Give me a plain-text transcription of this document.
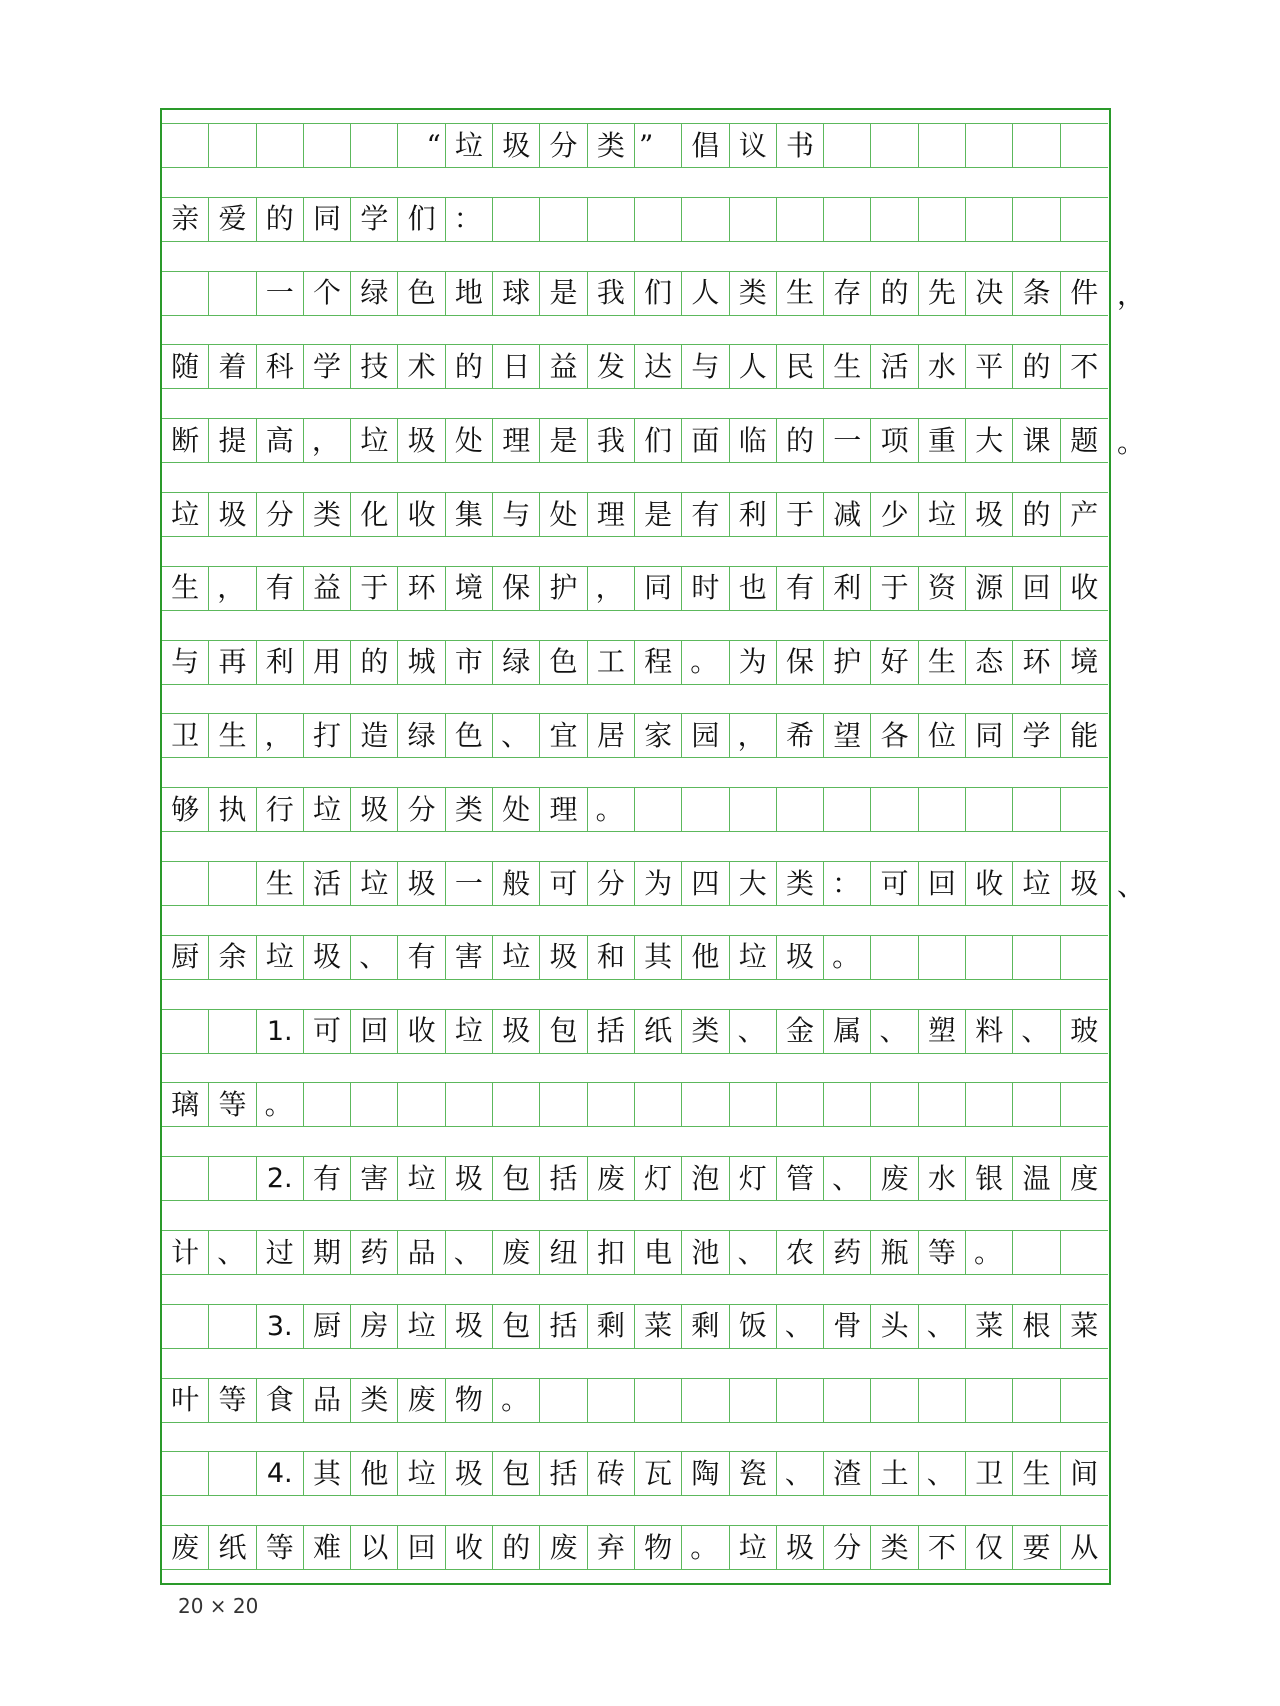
“ 垃 圾 分 类 ”	倡 议 书
亲 爱 的 同 学 们 ：
一 个 绿 色 地 球 是 我 们 人 类 生 存 的 先 决 条 件 ，
随 着 科 学 技 术 的 日 益 发 达 与 人 民 生 活 水 平 的 不
断 提 高 ， 垃 圾 处 理 是 我 们 面 临 的 一 项 重 大 课 题 。
垃 圾 分 类 化 收 集 与 处 理 是 有 利 于 减 少 垃 圾 的 产
生 ， 有 益 于 环 境 保 护 ， 同 时 也 有 利 于 资 源 回 收
与 再 利 用 的 城 市 绿 色 工 程 。 为 保 护 好 生 态 环 境
卫 生 ， 打 造 绿 色 、 宜 居 家 园 ， 希 望 各 位 同 学 能
够 执 行 垃 圾 分 类 处 理 。
生 活 垃 圾 一 般 可 分 为 四 大 类 ： 可 回 收 垃 圾 、
厨 余 垃 圾 、 有 害 垃 圾 和 其 他 垃 圾 。
1. 可 回 收 垃 圾 包 括 纸 类 、 金 属 、 塑 料 、 玻
璃 等 。
2. 有 害 垃 圾 包 括 废 灯 泡 灯 管 、 废 水 银 温 度
计 、 过 期 药 品 、 废 纽 扣 电 池 、 农 药 瓶 等 。
3. 厨 房 垃 圾 包 括 剩 菜 剩 饭 、 骨 头 、 菜 根 菜
叶 等 食 品 类 废 物 。
4. 其 他 垃 圾 包 括 砖 瓦 陶 瓷 、 渣 土 、 卫 生 间
废 纸 等 难 以 回 收 的 废 弃 物 。 垃 圾 分 类 不 仅 要 从
20 × 20
